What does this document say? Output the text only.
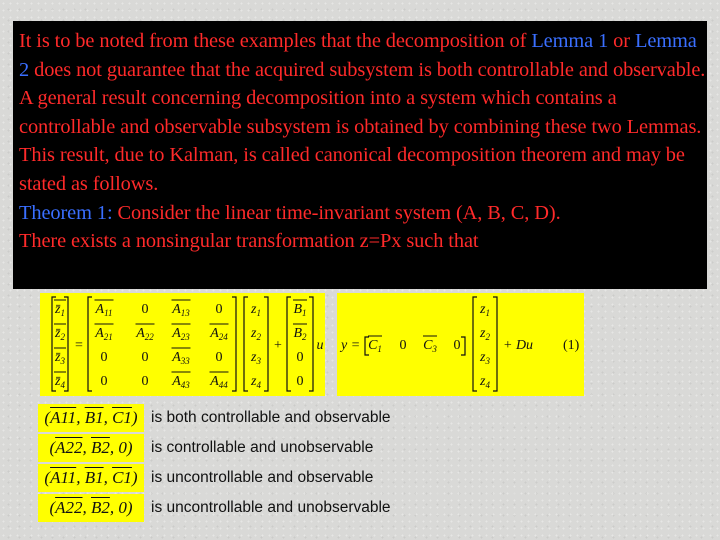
It is to be noted from these examples that the decomposition of Lemma 1 or Lemma 2 does not guarantee that the acquired subsystem is both controllable and observable. A general result concerning decomposition into a system which contains a controllable and observable subsystem is obtained by combining these two Lemmas. This result, due to Kalman, is called canonical decomposition theorem and may be stated as follows.

Theorem 1: Consider the linear time-invariant system (A, B, C, D).

There exists a nonsingular transformation z=Px such that

$z̄_1$
$z̄_2$
$z̄_3$
$z̄_4$
=
$A_{11}$ 0 $A_{13}$ 0
$A_{21}$ $A_{22}$ $A_{23}$ $A_{24}$
0 0 $A_{33}$ 0
0 0 $A_{43}$ $A_{44}$
$z_1$
$z_2$
$z_3$
$z_4$
+
$B_1$
$B_2$
0
0
u $y = C_1$ 0 $C_3$ 0
$z_1$
$z_2$
$z_3$
$z_4$
+ Du (1)
( A11 , B1 , C1 ) is both controllable and observable
( A22 , B2 , 0 )	is controllable and unobservable
( A11 , B1 , C1 ) is uncontrollable and observable
( A22 , B2 , 0 )	is uncontrollable and unobservable
